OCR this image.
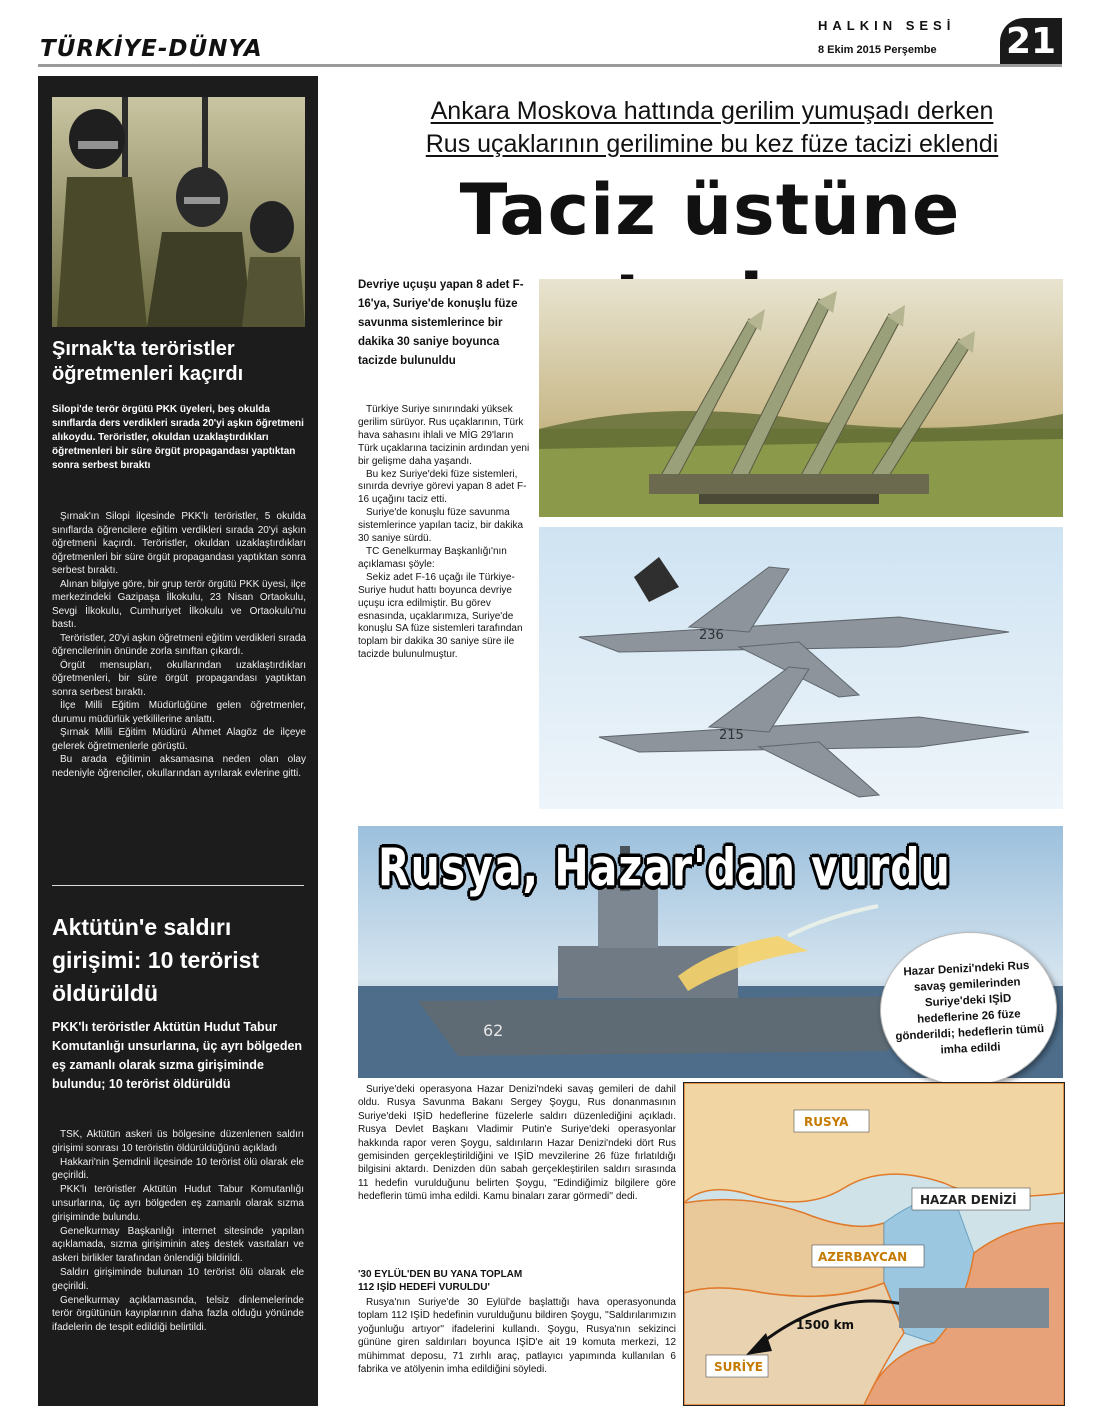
TÜRKİYE-DÜNYA
HALKIN SESİ
8 Ekim 2015 Perşembe 21
Şırnak'ta teröristler öğretmenleri kaçırdı
Silopi'de terör örgütü PKK üyeleri, beş okulda sınıflarda ders verdikleri sırada 20'yi aşkın öğretmeni alıkoydu. Teröristler, okuldan uzaklaştırdıkları öğretmenleri bir süre örgüt propagandası yaptıktan sonra serbest bıraktı

Şırnak'ın Silopi ilçesinde PKK'lı teröristler, 5 okulda sınıflarda öğrencilere eğitim verdikleri sırada 20'yi aşkın öğretmeni kaçırdı. Teröristler, okuldan uzaklaştırdıkları öğretmenleri bir süre örgüt propagandası yaptıktan sonra serbest bıraktı.

Alınan bilgiye göre, bir grup terör örgütü PKK üyesi, ilçe merkezindeki Gazipaşa İlkokulu, 23 Nisan Ortaokulu, Sevgi İlkokulu, Cumhuriyet İlkokulu ve Ortaokulu'nu bastı.

Teröristler, 20'yi aşkın öğretmeni eğitim verdikleri sırada öğrencilerinin önünde zorla sınıftan çıkardı.

Örgüt mensupları, okullarından uzaklaştırdıkları öğretmenleri, bir süre örgüt propagandası yaptıktan sonra serbest bıraktı.

İlçe Milli Eğitim Müdürlüğüne gelen öğretmenler, durumu müdürlük yetkililerine anlattı.

Şırnak Milli Eğitim Müdürü Ahmet Alagöz de ilçeye gelerek öğretmenlerle görüştü.

Bu arada eğitimin aksamasına neden olan olay nedeniyle öğrenciler, okullarından ayrılarak evlerine gitti.

Aktütün'e saldırı girişimi: 10 terörist öldürüldü
PKK'lı teröristler Aktütün Hudut Tabur Komutanlığı unsurlarına, üç ayrı bölgeden eş zamanlı olarak sızma girişiminde bulundu; 10 terörist öldürüldü

TSK, Aktütün askeri üs bölgesine düzenlenen saldırı girişimi sonrası 10 teröristin öldürüldüğünü açıkladı

Hakkari'nin Şemdinli ilçesinde 10 terörist ölü olarak ele geçirildi.

PKK'lı teröristler Aktütün Hudut Tabur Komutanlığı unsurlarına, üç ayrı bölgeden eş zamanlı olarak sızma girişiminde bulundu.

Genelkurmay Başkanlığı internet sitesinde yapılan açıklamada, sızma girişiminin ateş destek vasıtaları ve askeri birlikler tarafından önlendiği bildirildi.

Saldırı girişiminde bulunan 10 terörist ölü olarak ele geçirildi.

Genelkurmay açıklamasında, telsiz dinlemelerinde terör örgütünün kayıplarının daha fazla olduğu yönünde ifadelerin de tespit edildiği belirtildi.

Ankara Moskova hattında gerilim yumuşadı derken
Rus uçaklarının gerilimine bu kez füze tacizi eklendi
Taciz üstüne
Devriye uçuşu yapan 8 adet F-16'ya, Suriye'de konuşlu füze savunma sistemlerince bir dakika 30 saniye boyunca tacizde bulunuldu

Türkiye Suriye sınırındaki yüksek gerilim sürüyor. Rus uçaklarının, Türk hava sahasını ihlali ve MİG 29'ların Türk uçaklarına tacizinin ardından yeni bir gelişme daha yaşandı.

Bu kez Suriye'deki füze sistemleri, sınırda devriye görevi yapan 8 adet F-16 uçağını taciz etti.

Suriye'de konuşlu füze savunma sistemlerince yapılan taciz, bir dakika 30 saniye sürdü.

TC Genelkurmay Başkanlığı'nın açıklaması şöyle:

Sekiz adet F-16 uçağı ile Türkiye-Suriye hudut hattı boyunca devriye uçuşu icra edilmiştir. Bu görev esnasında, uçaklarımıza, Suriye'de konuşlu SA füze sistemleri tarafından toplam bir dakika 30 saniye süre ile tacizde bulunulmuştur.

236
215
62
Rusya, Hazar'dan vurdu
Hazar Denizi'ndeki Rus savaş gemilerinden Suriye'deki IŞİD hedeflerine 26 füze gönderildi; hedeflerin tümü imha edildi

Suriye'deki operasyona Hazar Denizi'ndeki savaş gemileri de dahil oldu. Rusya Savunma Bakanı Sergey Şoygu, Rus donanmasının Suriye'deki IŞİD hedeflerine füzelerle saldırı düzenlediğini açıkladı. Rusya Devlet Başkanı Vladimir Putin'e Suriye'deki operasyonlar hakkında rapor veren Şoygu, saldırıların Hazar Denizi'ndeki dört Rus gemisinden gerçekleştirildiğini ve IŞİD mevzilerine 26 füze fırlatıldığı bilgisini aktardı. Denizden dün sabah gerçekleştirilen saldırı sırasında 11 hedefin vurulduğunu belirten Şoygu, ''Edindiğimiz bilgilere göre hedeflerin tümü imha edildi. Kamu binaları zarar görmedi'' dedi.

'30 EYLÜL'DEN BU YANA TOPLAM
112 IŞİD HEDEFİ VURULDU'

Rusya'nın Suriye'de 30 Eylül'de başlattığı hava operasyonunda toplam 112 IŞİD hedefinin vurulduğunu bildiren Şoygu, ''Saldırılarımızın yoğunluğu artıyor'' ifadelerini kullandı. Şoygu, Rusya'nın sekizinci gününe giren saldırıları boyunca IŞİD'e ait 19 komuta merkezi, 12 mühimmat deposu, 71 zırhlı araç, patlayıcı yapımında kullanılan 6 fabrika ve atölyenin imha edildiğini söyledi.

RUSYA
HAZAR DENİZİ
AZERBAYCAN
SURİYE
1500 km
